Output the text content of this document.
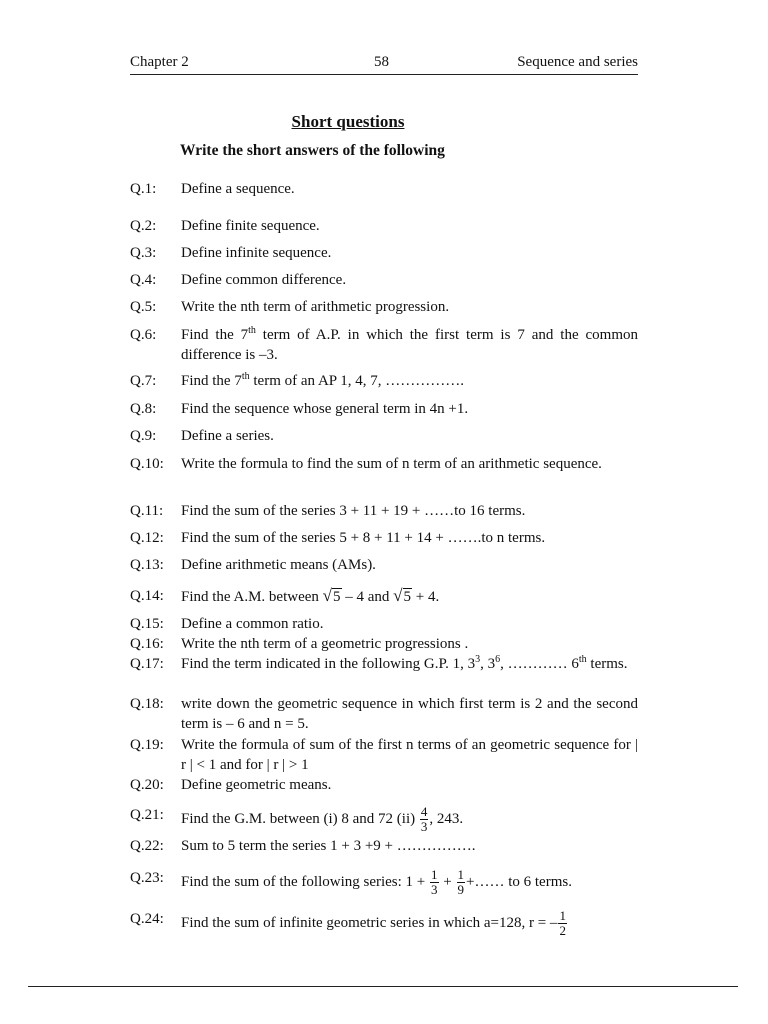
Chapter 2	58	Sequence and series
Short questions
Write the short answers of the following
Q.1: Define a sequence.
Q.2: Define finite sequence.
Q.3: Define infinite sequence.
Q.4: Define common difference.
Q.5: Write the nth term of arithmetic progression.
Q.6: Find the 7th term of A.P. in which the first term is 7 and the common difference is –3.
Q.7: Find the 7th term of an AP 1, 4, 7, …………….
Q.8: Find the sequence whose general term in 4n +1.
Q.9: Define a series.
Q.10: Write the formula to find the sum of n term of an arithmetic sequence.
Q.11: Find the sum of the series 3 + 11 + 19 + ……to 16 terms.
Q.12: Find the sum of the series 5 + 8 + 11 + 14 + …….to n terms.
Q.13: Define arithmetic means (AMs).
Q.14: Find the A.M. between √5 – 4 and √5 + 4.
Q.15: Define a common ratio.
Q.16: Write the nth term of a geometric progressions .
Q.17: Find the term indicated in the following G.P. 1, $3^3$, $3^6$, ………… 6th terms.
Q.18: write down the geometric sequence in which first term is 2 and the second term is – 6 and n = 5.
Q.19: Write the formula of sum of the first n terms of an geometric sequence for | r | < 1 and for | r | > 1
Q.20: Define geometric means.
Q.21: Find the G.M. between (i) 8 and 72 $(ii) \frac{4}{3}$ , 243.
Q.22: Sum to 5 term the series 1 + 3 +9 + …………….
Q.23: Find the sum of the following series: $1 + \frac{1}{3} + \frac{1}{9}$ +…… to 6 terms.
Q.24: Find the sum of infinite geometric series in which a=128, r = – $\frac{1}{2}$
